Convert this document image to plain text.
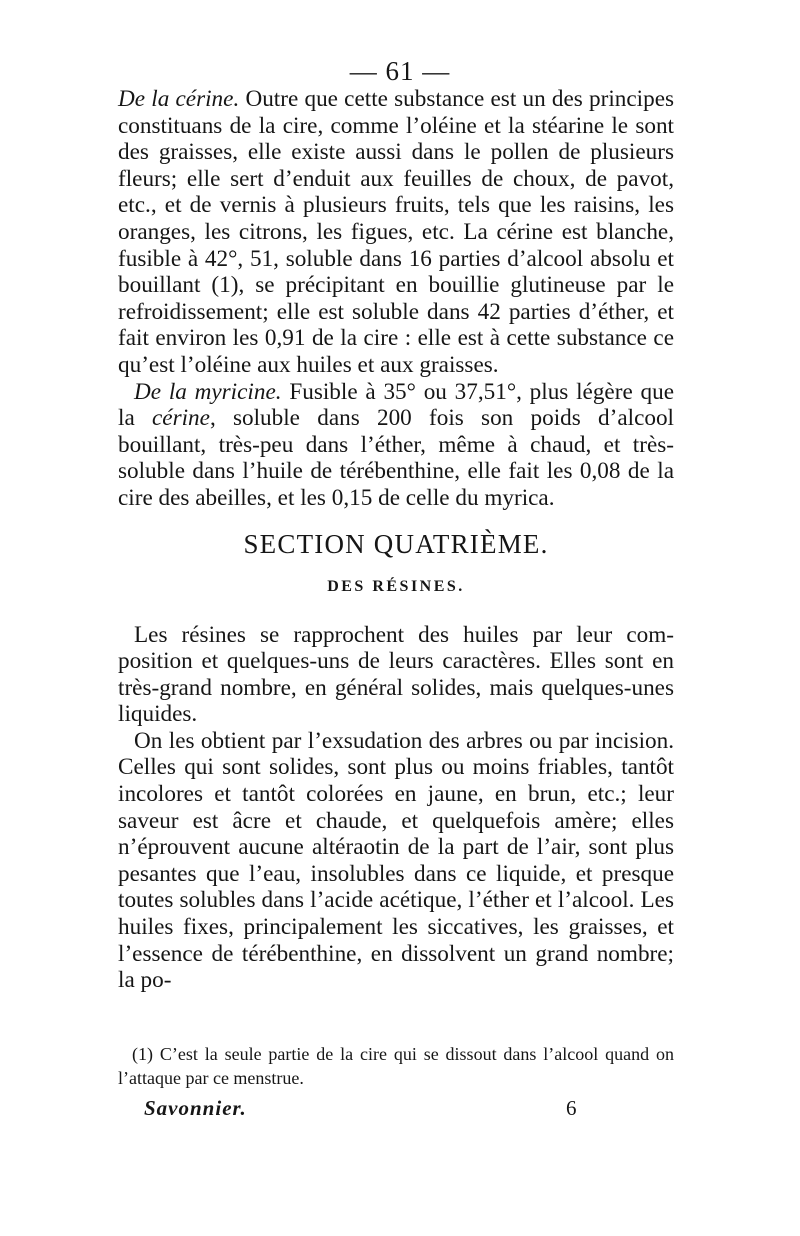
— 61 —

De la cérine. Outre que cette substance est un des principes constituans de la cire, comme l’oléine et la stéarine le sont des graisses, elle existe aussi dans le pollen de plusieurs fleurs; elle sert d’enduit aux feuilles de choux, de pavot, etc., et de vernis à plusieurs fruits, tels que les raisins, les oranges, les citrons, les figues, etc. La cérine est blanche, fusible à 42°, 51, soluble dans 16 parties d’alcool absolu et bouillant (1), se précipitant en bouillie glutineuse par le refroidissement; elle est soluble dans 42 parties d’éther, et fait environ les 0,91 de la cire : elle est à cette substance ce qu’est l’oléine aux huiles et aux graisses.

De la myricine. Fusible à 35° ou 37,51°, plus légère que la cérine, soluble dans 200 fois son poids d’alcool bouillant, très-peu dans l’éther, même à chaud, et très-soluble dans l’huile de térébenthine, elle fait les 0,08 de la cire des abeilles, et les 0,15 de celle du myrica.

SECTION QUATRIÈME.
DES RÉSINES.

Les résines se rapprochent des huiles par leur composition et quelques-uns de leurs caractères. Elles sont en très-grand nombre, en général solides, mais quelques-unes liquides.

On les obtient par l’exsudation des arbres ou par incision. Celles qui sont solides, sont plus ou moins friables, tantôt incolores et tantôt colorées en jaune, en brun, etc.; leur saveur est âcre et chaude, et quelquefois amère; elles n’éprouvent aucune altéraotin de la part de l’air, sont plus pesantes que l’eau, insolubles dans ce liquide, et presque toutes solubles dans l’acide acétique, l’éther et l’alcool. Les huiles fixes, principalement les siccatives, les graisses, et l’essence de térébenthine, en dissolvent un grand nombre; la po-

(1) C’est la seule partie de la cire qui se dissout dans l’alcool quand on l’attaque par ce menstrue.

Savonnier.	6
